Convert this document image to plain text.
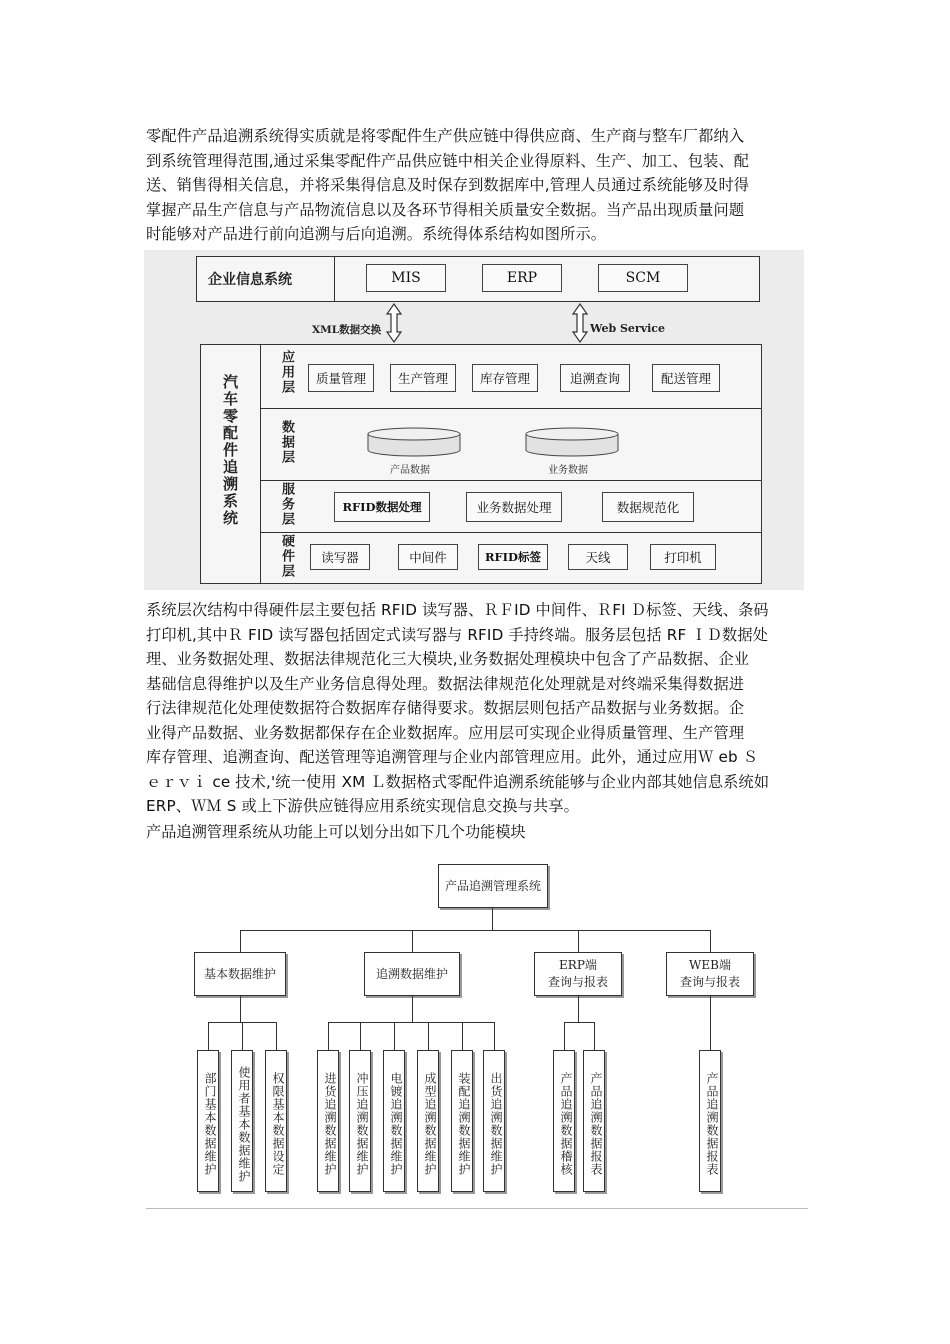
零配件产品追溯系统得实质就是将零配件生产供应链中得供应商、生产商与整车厂都纳入
到系统管理得范围,通过采集零配件产品供应链中相关企业得原料、生产、加工、包装、配
送、销售得相关信息，并将采集得信息及时保存到数据库中,管理人员通过系统能够及时得
掌握产品生产信息与产品物流信息以及各环节得相关质量安全数据。当产品出现质量问题
时能够对产品进行前向追溯与后向追溯。系统得体系结构如图所示。
企业信息系统	MIS	ERP	SCM
XML数据交换	Web Service
汽车零配件追溯系统
应用层
数据层
服务层
硬件层
质量管理	生产管理	库存管理	追溯查询	配送管理
产品数据	业务数据
RFID数据处理	业务数据处理	数据规范化
读写器	中间件	RFID标签	天线	打印机
系统层次结构中得硬件层主要包括 RFID 读写器、ＲＦID 中间件、ＲFI Ｄ标签、天线、条码
打印机,其中Ｒ FID 读写器包括固定式读写器与 RFID 手持终端。服务层包括 RF ＩＤ数据处
理、业务数据处理、数据法律规范化三大模块,业务数据处理模块中包含了产品数据、企业
基础信息得维护以及生产业务信息得处理。数据法律规范化处理就是对终端采集得数据进
行法律规范化处理使数据符合数据库存储得要求。数据层则包括产品数据与业务数据。企
业得产品数据、业务数据都保存在企业数据库。应用层可实现企业得质量管理、生产管理
库存管理、追溯查询、配送管理等追溯管理与企业内部管理应用。此外，通过应用Ｗ eb Ｓ
ｅｒｖｉ ce 技术,'统一使用 XM Ｌ数据格式零配件追溯系统能够与企业内部其她信息系统如
ERP、ＷＭ S 或上下游供应链得应用系统实现信息交换与共享。
产品追溯管理系统从功能上可以划分出如下几个功能模块
产品追溯管理系统
基本数据维护	追溯数据维护
ERP端
查询与报表
WEB端
查询与报表
部门基本数据维护	使用者基本数据维护	权限基本数据设定	进货追溯数据维护	冲压追溯数据维护	电镀追溯数据维护	成型追溯数据维护	装配追溯数据维护	出货追溯数据维护	产品追溯数据稽核	产品追溯数据报表	产品追溯数据报表
